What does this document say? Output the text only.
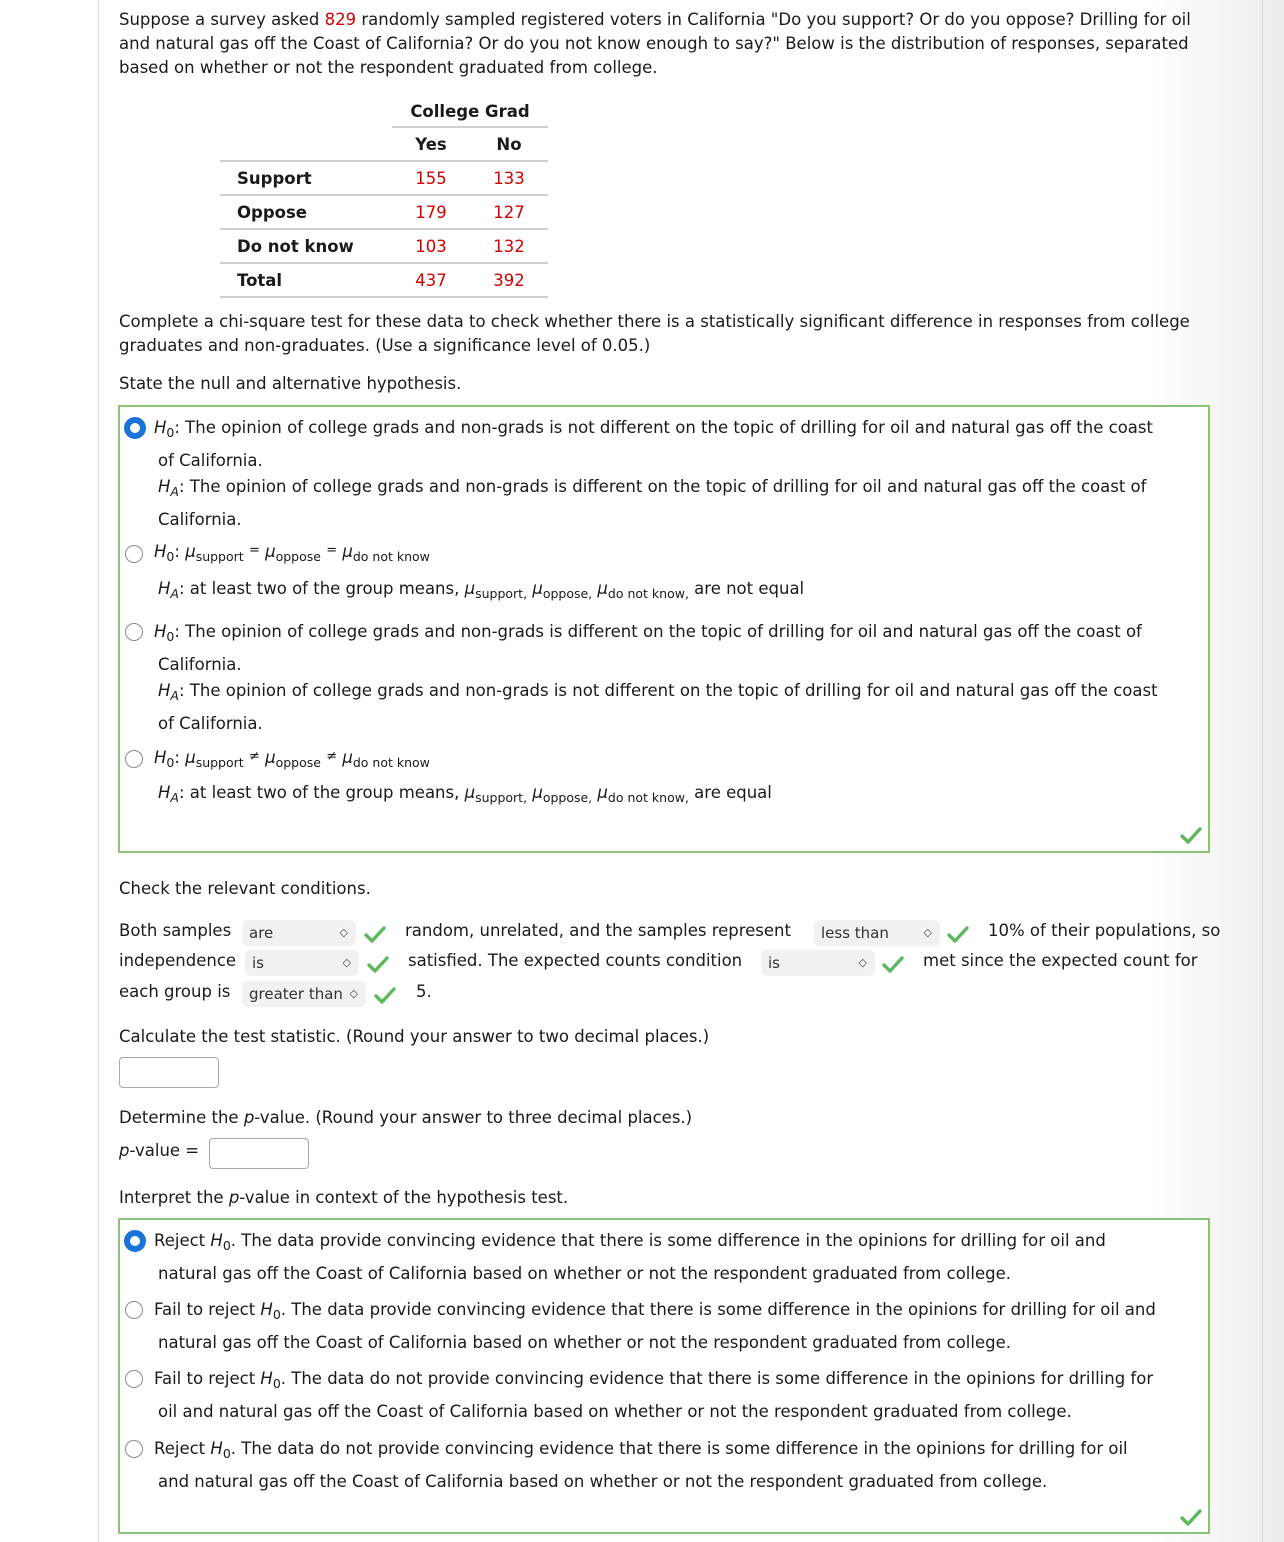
Suppose a survey asked 829 randomly sampled registered voters in California "Do you support? Or do you oppose? Drilling for oil

and natural gas off the Coast of California? Or do you not know enough to say?" Below is the distribution of responses, separated

based on whether or not the respondent graduated from college.

	College Grad	
	Yes	No
Support	155	133
Oppose	179	127
Do not know	103	132
Total	437	392

Complete a chi-square test for these data to check whether there is a statistically significant difference in responses from college

graduates and non-graduates. (Use a significance level of 0.05.)

State the null and alternative hypothesis.
$H_0$: The opinion of college grads and non-grads is not different on the topic of drilling for oil and natural gas off the coast
of California.
$H_A$: The opinion of college grads and non-grads is different on the topic of drilling for oil and natural gas off the coast of
California.
$H_0$: $\mu_{support} = \mu_{oppose} = \mu_{do not know}$
$H_A$: at least two of the group means, $\mu_{support,}$ $\mu_{oppose,}$ $\mu_{do not know,}$ are not equal
$H_0$: The opinion of college grads and non-grads is different on the topic of drilling for oil and natural gas off the coast of
California.
$H_A$: The opinion of college grads and non-grads is not different on the topic of drilling for oil and natural gas off the coast
of California.
$H_0$: $\mu_{support} \ne \mu_{oppose} \ne \mu_{do not know}$
$H_A$: at least two of the group means, $\mu_{support,}$ $\mu_{oppose,}$ $\mu_{do not know,}$ are equal
Check the relevant conditions.
Both samples	are	◇	random, unrelated, and the samples represent	less than	◇	10% of their populations, so
independence	is	◇	satisfied. The expected counts condition	is	◇	met since the expected count for
each group is	greater than ◇	5.
Calculate the test statistic. (Round your answer to two decimal places.)
Determine the p-value. (Round your answer to three decimal places.)
p-value =
Interpret the p-value in context of the hypothesis test.
Reject $H_0$. The data provide convincing evidence that there is some difference in the opinions for drilling for oil and
natural gas off the Coast of California based on whether or not the respondent graduated from college.
Fail to reject $H_0$. The data provide convincing evidence that there is some difference in the opinions for drilling for oil and
natural gas off the Coast of California based on whether or not the respondent graduated from college.
Fail to reject $H_0$. The data do not provide convincing evidence that there is some difference in the opinions for drilling for
oil and natural gas off the Coast of California based on whether or not the respondent graduated from college.
Reject $H_0$. The data do not provide convincing evidence that there is some difference in the opinions for drilling for oil
and natural gas off the Coast of California based on whether or not the respondent graduated from college.
